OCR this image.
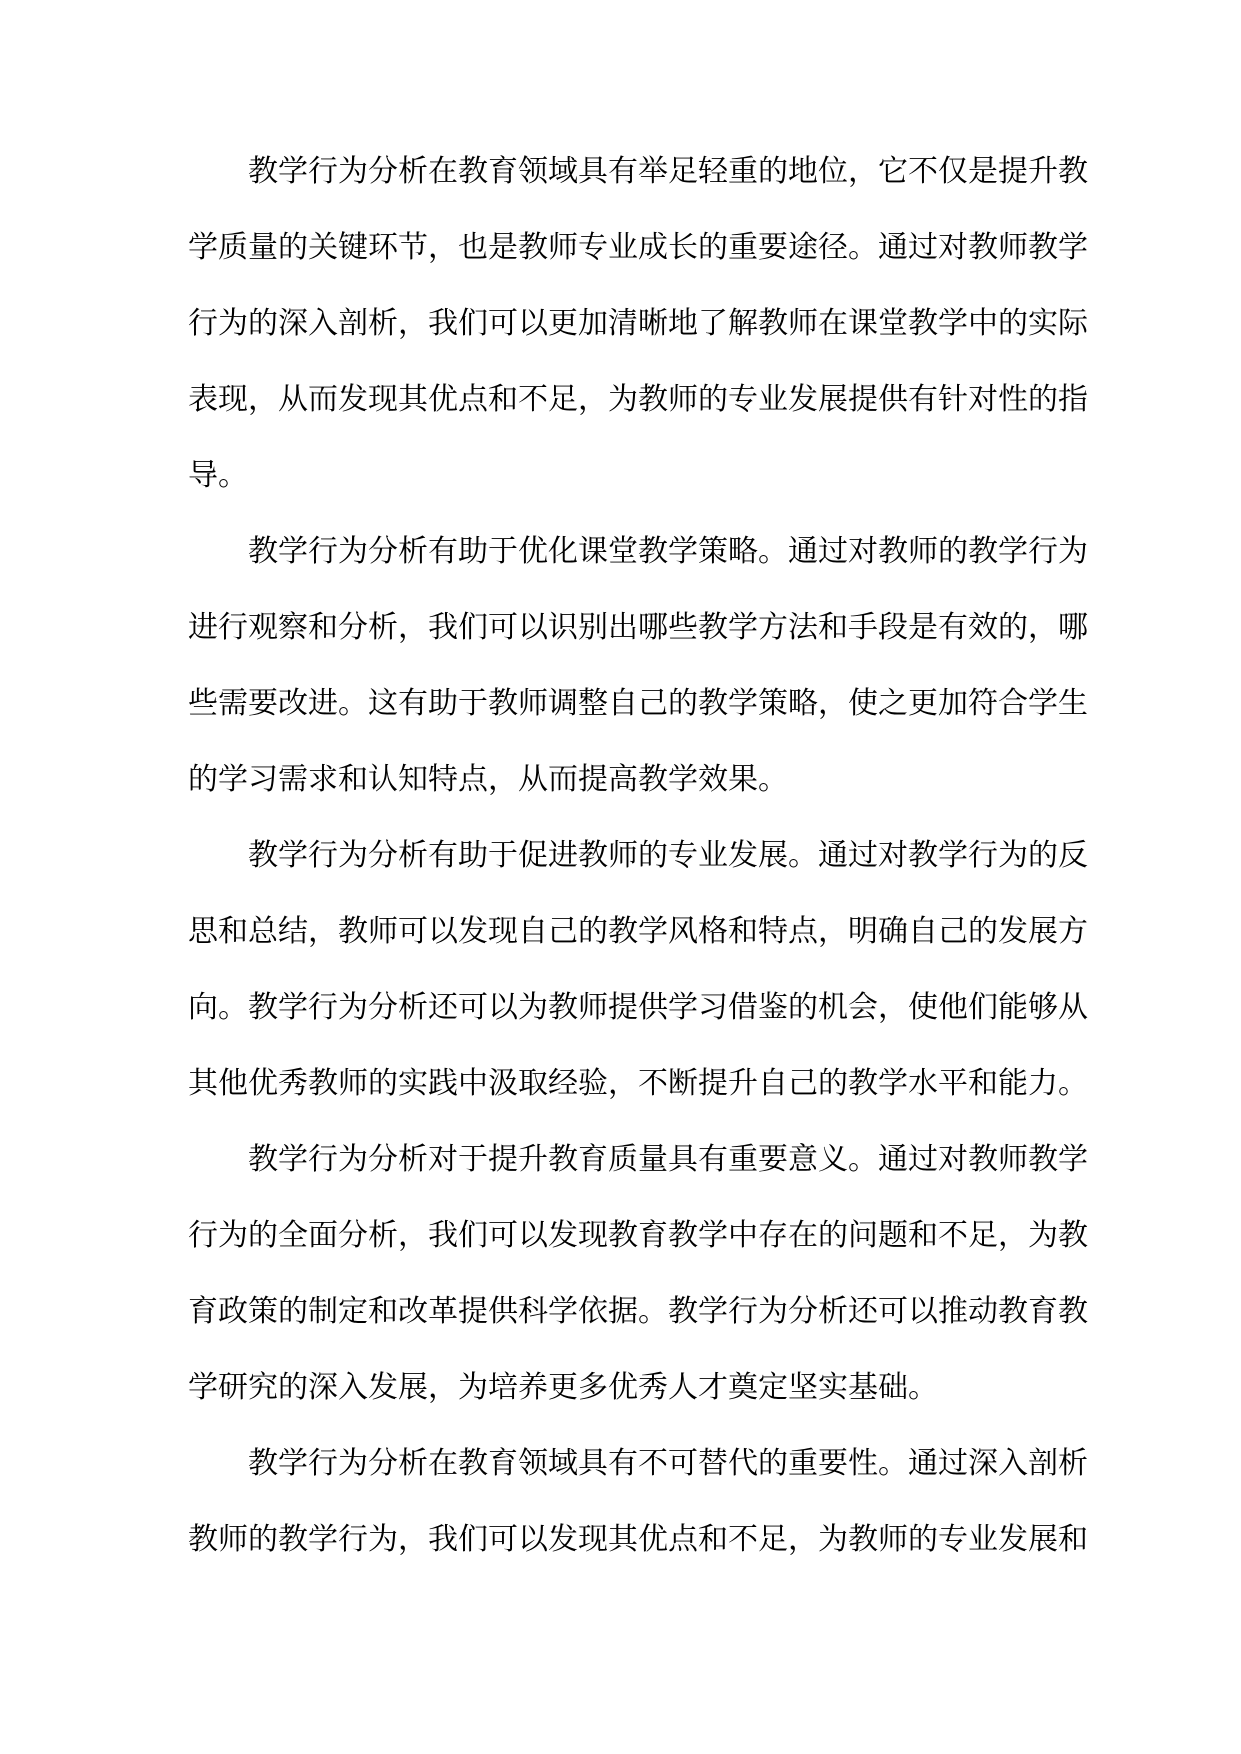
教学行为分析在教育领域具有举足轻重的地位，它不仅是提升教
学质量的关键环节，也是教师专业成长的重要途径。通过对教师教学
行为的深入剖析，我们可以更加清晰地了解教师在课堂教学中的实际
表现，从而发现其优点和不足，为教师的专业发展提供有针对性的指
导。
教学行为分析有助于优化课堂教学策略。通过对教师的教学行为
进行观察和分析，我们可以识别出哪些教学方法和手段是有效的，哪
些需要改进。这有助于教师调整自己的教学策略，使之更加符合学生
的学习需求和认知特点，从而提高教学效果。
教学行为分析有助于促进教师的专业发展。通过对教学行为的反
思和总结，教师可以发现自己的教学风格和特点，明确自己的发展方
向。教学行为分析还可以为教师提供学习借鉴的机会，使他们能够从
其他优秀教师的实践中汲取经验，不断提升自己的教学水平和能力。
教学行为分析对于提升教育质量具有重要意义。通过对教师教学
行为的全面分析，我们可以发现教育教学中存在的问题和不足，为教
育政策的制定和改革提供科学依据。教学行为分析还可以推动教育教
学研究的深入发展，为培养更多优秀人才奠定坚实基础。
教学行为分析在教育领域具有不可替代的重要性。通过深入剖析
教师的教学行为，我们可以发现其优点和不足，为教师的专业发展和
